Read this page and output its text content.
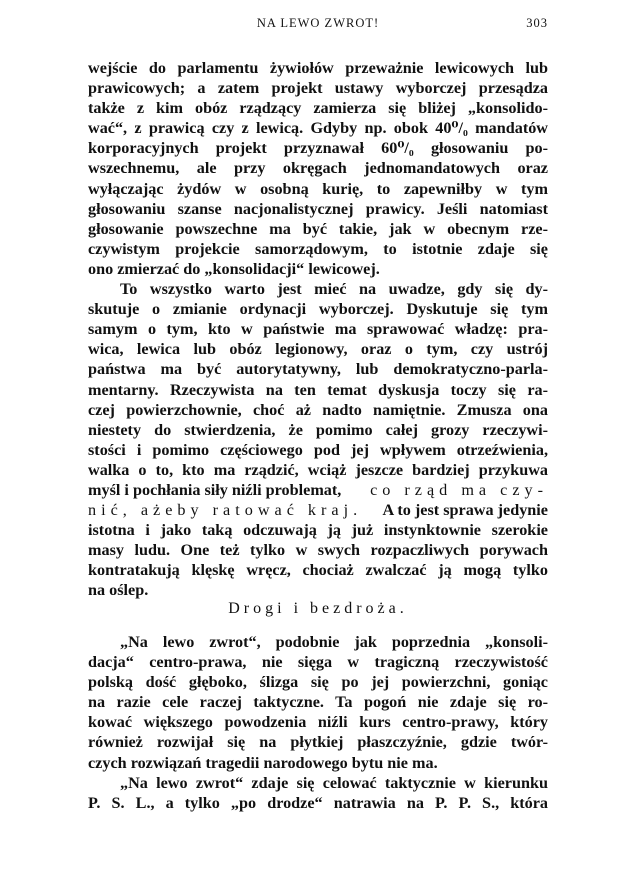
NA LEWO ZWROT!	303
wejście do parlamentu żywiołów przeważnie lewicowych lub
prawicowych; a zatem projekt ustawy wyborczej przesądza
także z kim obóz rządzący zamierza się bliżej „konsolido-
wać“, z prawicą czy z lewicą. Gdyby np. obok 40⁰/₀ mandatów
korporacyjnych projekt przyznawał 60⁰/₀ głosowaniu po-
wszechnemu, ale przy okręgach jednomandatowych oraz
wyłączając żydów w osobną kurię, to zapewniłby w tym
głosowaniu szanse nacjonalistycznej prawicy. Jeśli natomiast
głosowanie powszechne ma być takie, jak w obecnym rze-
czywistym projekcie samorządowym, to istotnie zdaje się
ono zmierzać do „konsolidacji“ lewicowej.
To wszystko warto jest mieć na uwadze, gdy się dy-
skutuje o zmianie ordynacji wyborczej. Dyskutuje się tym
samym o tym, kto w państwie ma sprawować władzę: pra-
wica, lewica lub obóz legionowy, oraz o tym, czy ustrój
państwa ma być autorytatywny, lub demokratyczno-parla-
mentarny. Rzeczywista na ten temat dyskusja toczy się ra-
czej powierzchownie, choć aż nadto namiętnie. Zmusza ona
niestety do stwierdzenia, że pomimo całej grozy rzeczywi-
stości i pomimo częściowego pod jej wpływem otrzeźwienia,
walka o to, kto ma rządzić, wciąż jeszcze bardziej przykuwa
myśl i pochłania siły niźli problemat, co rząd ma czy-
nić, ażeby ratować kraj. A to jest sprawa jedynie
istotna i jako taką odczuwają ją już instynktownie szerokie
masy ludu. One też tylko w swych rozpaczliwych porywach
kontratakują klęskę wręcz, chociaż zwalczać ją mogą tylko
na oślep.
Drogi i bezdroża.
„Na lewo zwrot“, podobnie jak poprzednia „konsoli-
dacja“ centro-prawa, nie sięga w tragiczną rzeczywistość
polską dość głęboko, ślizga się po jej powierzchni, goniąc
na razie cele raczej taktyczne. Ta pogoń nie zdaje się ro-
kować większego powodzenia niźli kurs centro-prawy, który
również rozwijał się na płytkiej płaszczyźnie, gdzie twór-
czych rozwiązań tragedii narodowego bytu nie ma.
„Na lewo zwrot“ zdaje się celować taktycznie w kierunku
P. S. L., a tylko „po drodze“ natrawia na P. P. S., która
